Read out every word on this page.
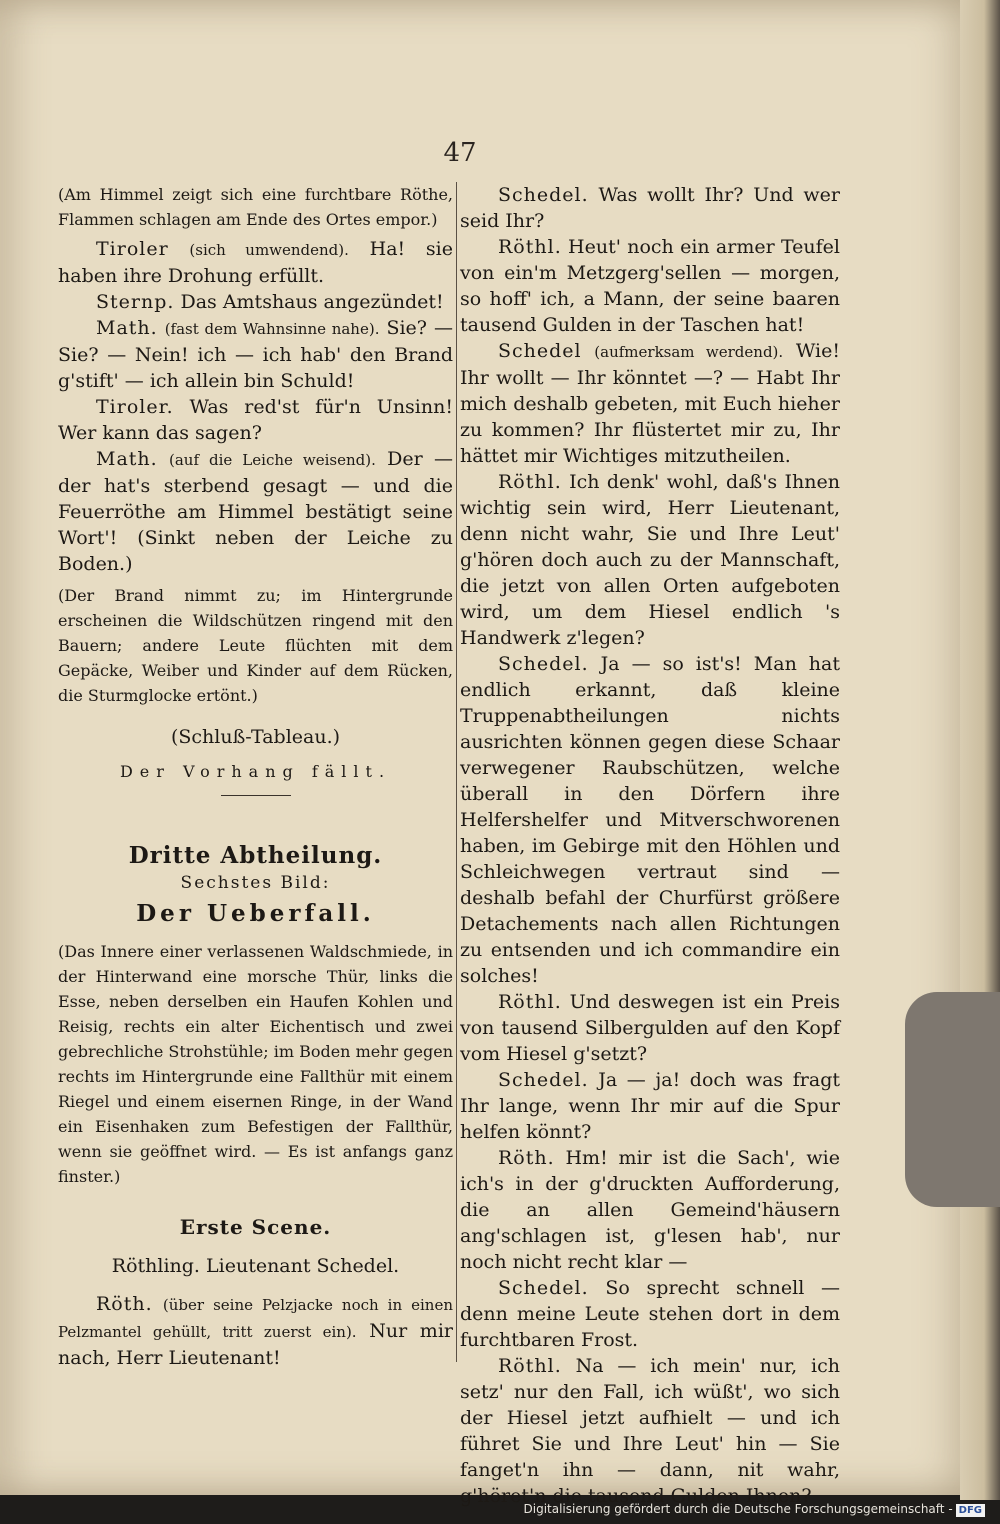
47

(Am Himmel zeigt sich eine furchtbare Röthe, Flammen schlagen am Ende des Ortes empor.)

Tiroler (sich umwendend). Ha! sie haben ihre Drohung erfüllt.

Sternp. Das Amtshaus angezündet!

Math. (fast dem Wahnsinne nahe). Sie? — Sie? — Nein! ich — ich hab' den Brand g'stift' — ich allein bin Schuld!

Tiroler. Was red'st für'n Unsinn! Wer kann das sagen?

Math. (auf die Leiche weisend). Der — der hat's sterbend gesagt — und die Feuerröthe am Himmel bestätigt seine Wort'! (Sinkt neben der Leiche zu Boden.)

(Der Brand nimmt zu; im Hintergrunde erscheinen die Wildschützen ringend mit den Bauern; andere Leute flüchten mit dem Gepäcke, Weiber und Kinder auf dem Rücken, die Sturmglocke ertönt.)

(Schluß-Tableau.)

Der Vorhang fällt.

Dritte Abtheilung.

Sechstes Bild:

Der Ueberfall.

(Das Innere einer verlassenen Waldschmiede, in der Hinterwand eine morsche Thür, links die Esse, neben derselben ein Haufen Kohlen und Reisig, rechts ein alter Eichentisch und zwei gebrechliche Strohstühle; im Boden mehr gegen rechts im Hintergrunde eine Fallthür mit einem Riegel und einem eisernen Ringe, in der Wand ein Eisenhaken zum Befestigen der Fallthür, wenn sie geöffnet wird. — Es ist anfangs ganz finster.)

Erste Scene.

Röthling. Lieutenant Schedel.

Röth. (über seine Pelzjacke noch in einen Pelzmantel gehüllt, tritt zuerst ein). Nur mir nach, Herr Lieutenant!

Schedel. Was wollt Ihr? Und wer seid Ihr?

Röthl. Heut' noch ein armer Teufel von ein'm Metzgerg'sellen — morgen, so hoff' ich, a Mann, der seine baaren tausend Gulden in der Taschen hat!

Schedel (aufmerksam werdend). Wie! Ihr wollt — Ihr könntet —? — Habt Ihr mich deshalb gebeten, mit Euch hieher zu kommen? Ihr flüstertet mir zu, Ihr hättet mir Wichtiges mitzutheilen.

Röthl. Ich denk' wohl, daß's Ihnen wichtig sein wird, Herr Lieutenant, denn nicht wahr, Sie und Ihre Leut' g'hören doch auch zu der Mannschaft, die jetzt von allen Orten aufgeboten wird, um dem Hiesel endlich 's Handwerk z'legen?

Schedel. Ja — so ist's! Man hat endlich erkannt, daß kleine Truppenabtheilungen nichts ausrichten können gegen diese Schaar verwegener Raubschützen, welche überall in den Dörfern ihre Helfershelfer und Mitverschworenen haben, im Gebirge mit den Höhlen und Schleichwegen vertraut sind — deshalb befahl der Churfürst größere Detachements nach allen Richtungen zu entsenden und ich commandire ein solches!

Röthl. Und deswegen ist ein Preis von tausend Silbergulden auf den Kopf vom Hiesel g'setzt?

Schedel. Ja — ja! doch was fragt Ihr lange, wenn Ihr mir auf die Spur helfen könnt?

Röth. Hm! mir ist die Sach', wie ich's in der g'druckten Aufforderung, die an allen Gemeind'häusern ang'schlagen ist, g'lesen hab', nur noch nicht recht klar —

Schedel. So sprecht schnell — denn meine Leute stehen dort in dem furchtbaren Frost.

Röthl. Na — ich mein' nur, ich setz' nur den Fall, ich wüßt', wo sich der Hiesel jetzt aufhielt — und ich führet Sie und Ihre Leut' hin — Sie fanget'n ihn — dann, nit wahr, g'höret'n die tausend Gulden Ihnen?

Digitalisierung gefördert durch die Deutsche Forschungsgemeinschaft - DFG
